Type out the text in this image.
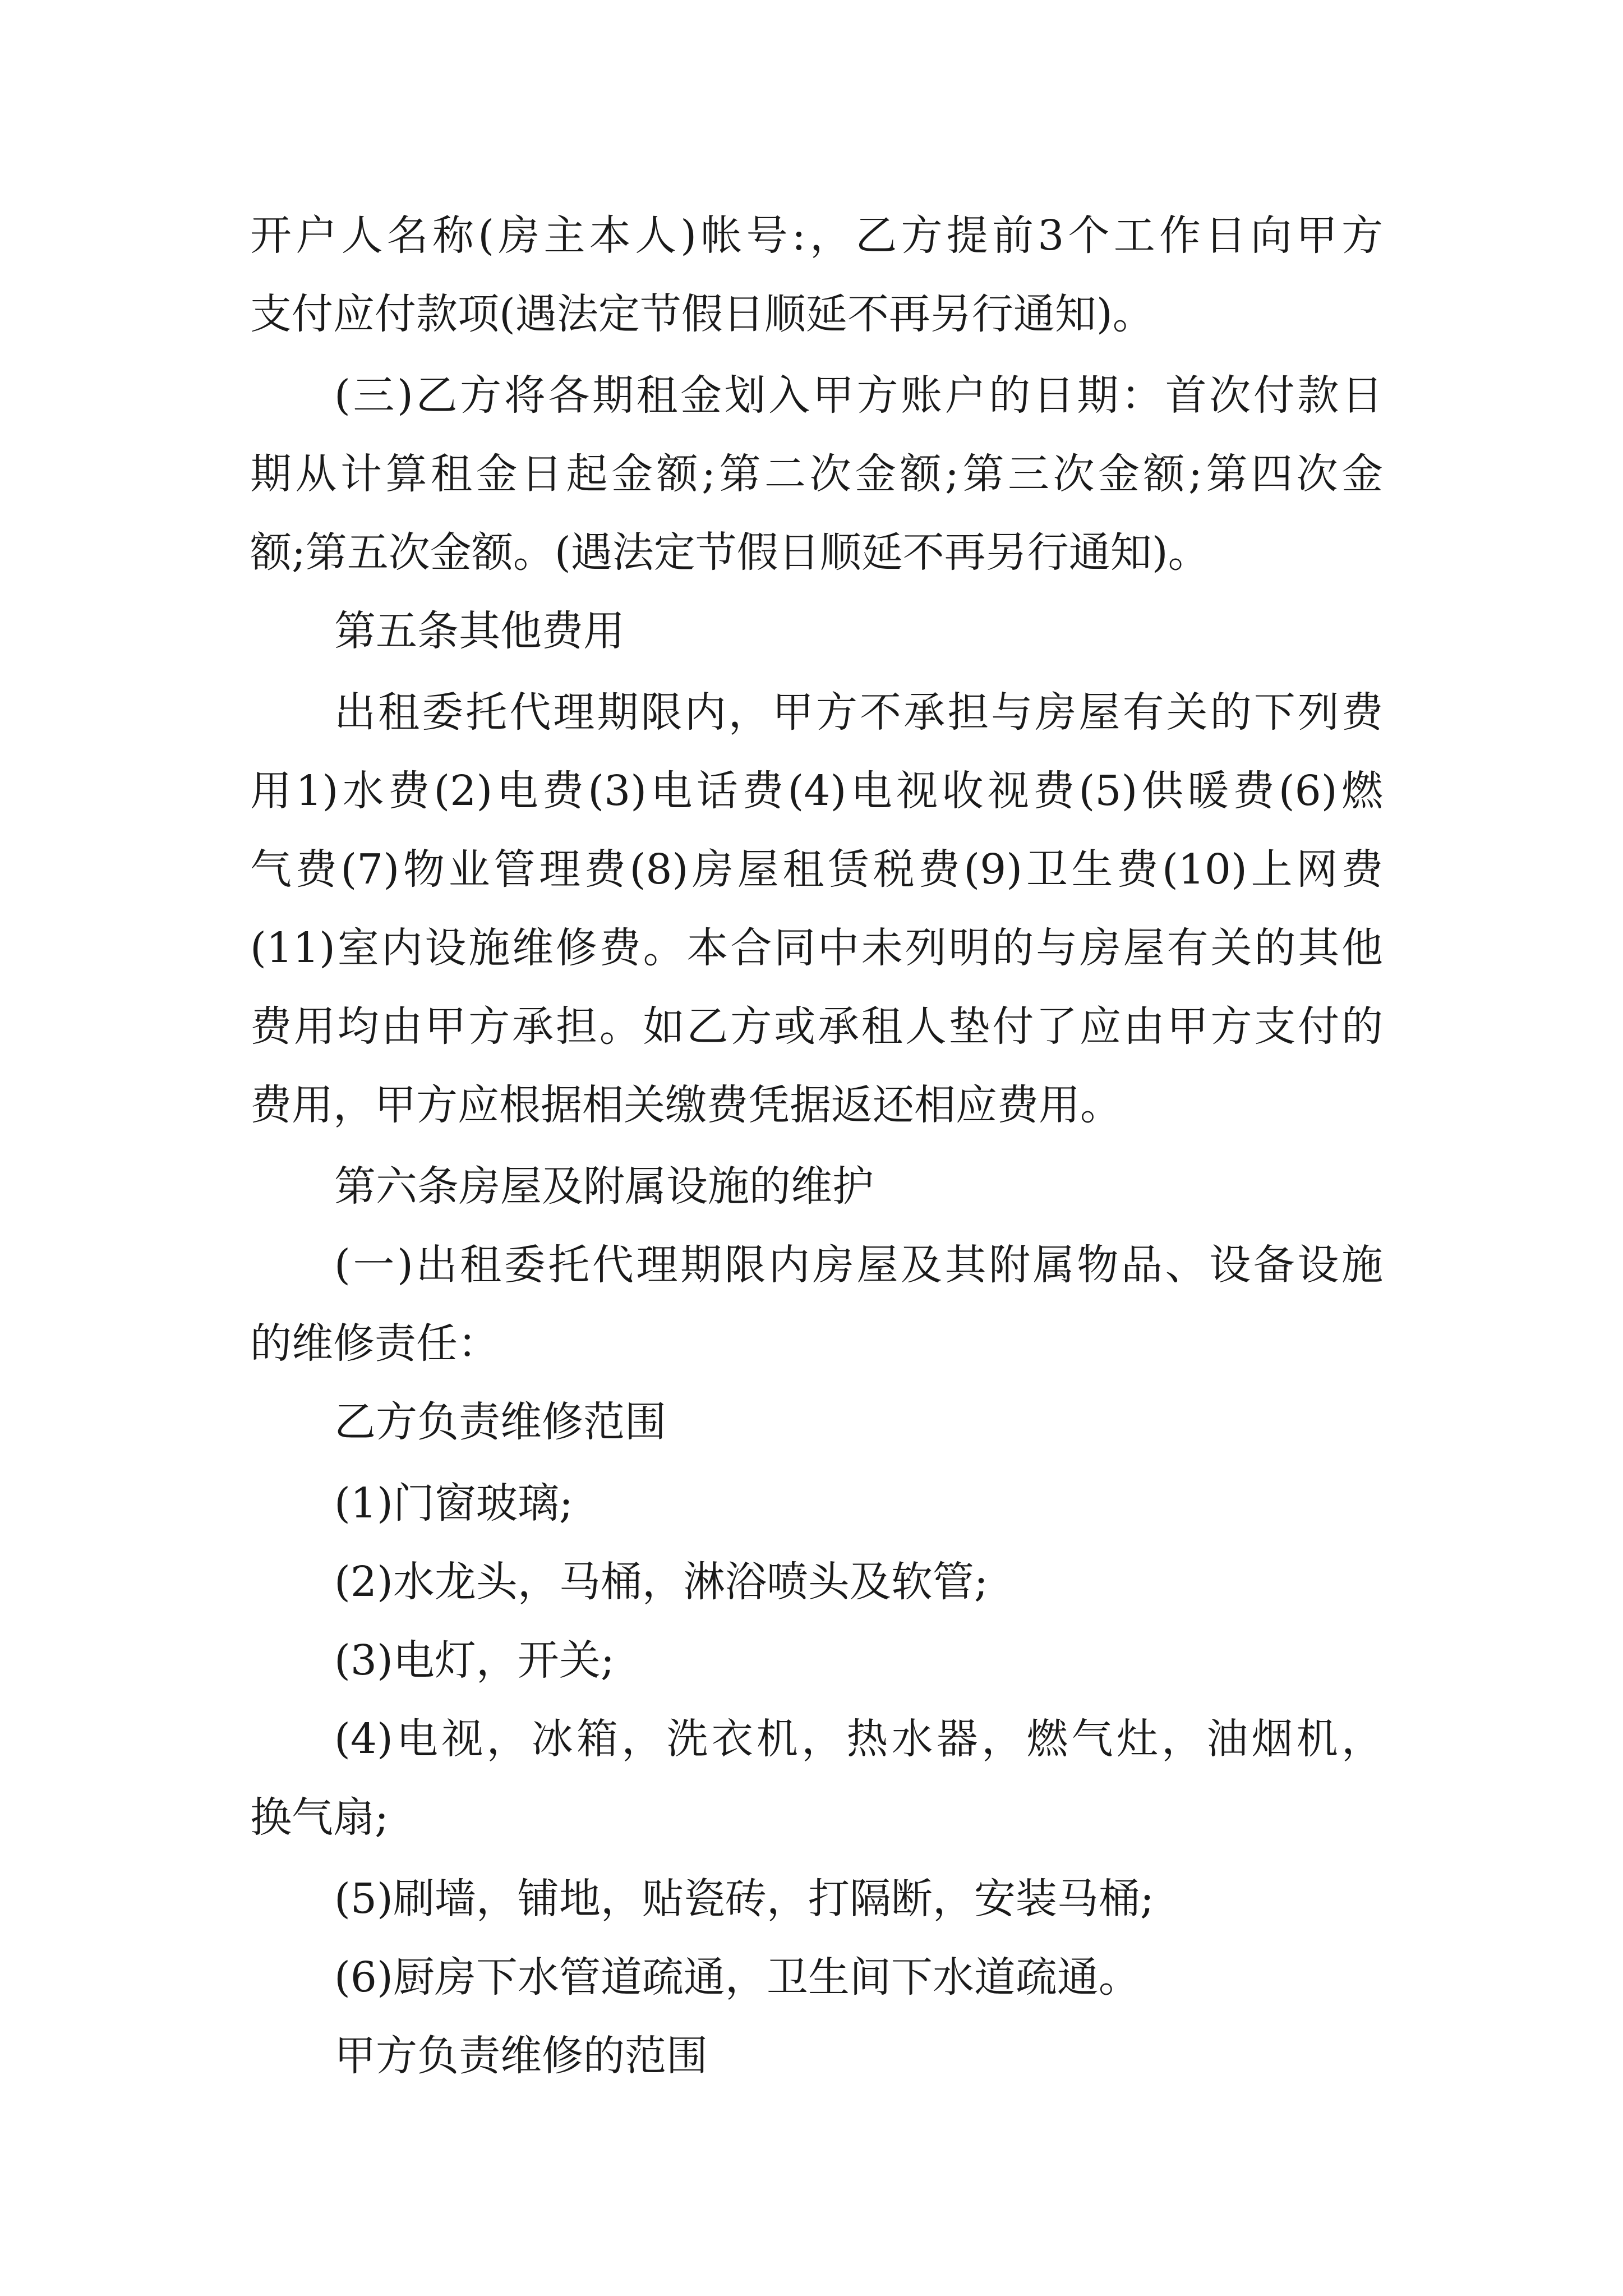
开户人名称(房主本人)帐号:，乙方提前3个工作日向甲方

支付应付款项(遇法定节假日顺延不再另行通知)。

(三)乙方将各期租金划入甲方账户的日期：首次付款日

期从计算租金日起金额;第二次金额;第三次金额;第四次金

额;第五次金额。(遇法定节假日顺延不再另行通知)。

第五条其他费用

出租委托代理期限内，甲方不承担与房屋有关的下列费

用1)水费(2)电费(3)电话费(4)电视收视费(5)供暖费(6)燃

气费(7)物业管理费(8)房屋租赁税费(9)卫生费(10)上网费

(11)室内设施维修费。本合同中未列明的与房屋有关的其他

费用均由甲方承担。如乙方或承租人垫付了应由甲方支付的

费用，甲方应根据相关缴费凭据返还相应费用。

第六条房屋及附属设施的维护

(一)出租委托代理期限内房屋及其附属物品、设备设施

的维修责任：

乙方负责维修范围

(1)门窗玻璃;

(2)水龙头，马桶，淋浴喷头及软管;

(3)电灯，开关;

(4)电视，冰箱，洗衣机，热水器，燃气灶，油烟机，

换气扇;

(5)刷墙，铺地，贴瓷砖，打隔断，安装马桶;

(6)厨房下水管道疏通，卫生间下水道疏通。

甲方负责维修的范围
